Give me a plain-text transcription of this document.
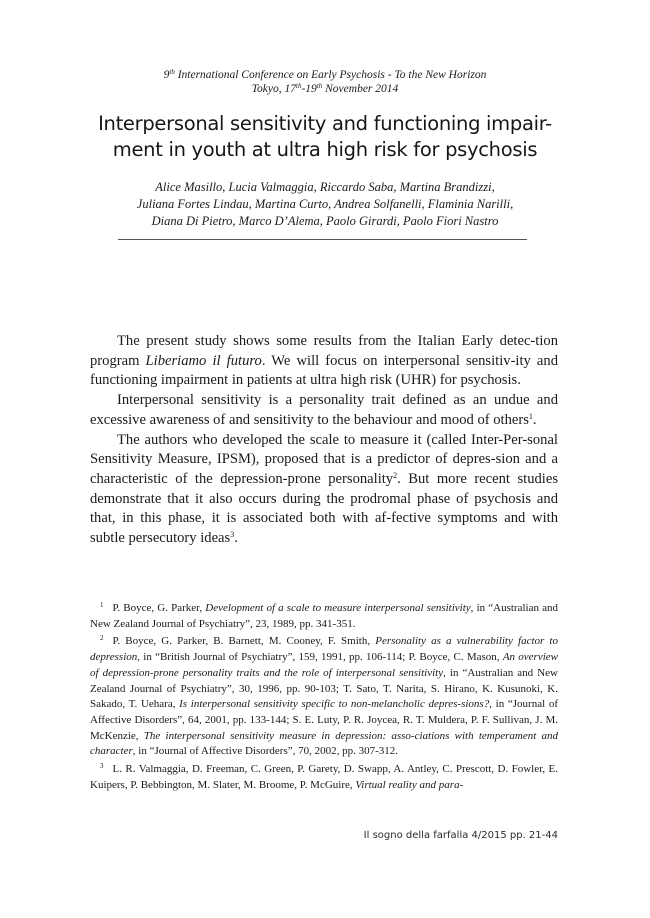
9th International Conference on Early Psychosis - To the New Horizon
Tokyo, 17th-19th November 2014
Interpersonal sensitivity and functioning impair-
ment in youth at ultra high risk for psychosis
Alice Masillo, Lucia Valmaggia, Riccardo Saba, Martina Brandizzi,
Juliana Fortes Lindau, Martina Curto, Andrea Solfanelli, Flaminia Narilli,
Diana Di Pietro, Marco D’Alema, Paolo Girardi, Paolo Fiori Nastro

The present study shows some results from the Italian Early detec-tion program Liberiamo il futuro. We will focus on interpersonal sensitiv-ity and functioning impairment in patients at ultra high risk (UHR) for psychosis.

Interpersonal sensitivity is a personality trait defined as an undue and excessive awareness of and sensitivity to the behaviour and mood of others$^1$.

The authors who developed the scale to measure it (called Inter-Per-sonal Sensitivity Measure, IPSM), proposed that is a predictor of depres-sion and a characteristic of the depression-prone personality$^2$. But more recent studies demonstrate that it also occurs during the prodromal phase of psychosis and that, in this phase, it is associated both with af-fective symptoms and with subtle persecutory ideas$^3$.

$^1$ P. Boyce, G. Parker, Development of a scale to measure interpersonal sensitivity, in “Australian and New Zealand Journal of Psychiatry”, 23, 1989, pp. 341-351.

$^2$ P. Boyce, G. Parker, B. Barnett, M. Cooney, F. Smith, Personality as a vulnerability factor to depression, in “British Journal of Psychiatry”, 159, 1991, pp. 106-114; P. Boyce, C. Mason, An overview of depression-prone personality traits and the role of interpersonal sensitivity, in “Australian and New Zealand Journal of Psychiatry”, 30, 1996, pp. 90-103; T. Sato, T. Narita, S. Hirano, K. Kusunoki, K. Sakado, T. Uehara, Is interpersonal sensitivity specific to non-melancholic depres-sions?, in “Journal of Affective Disorders”, 64, 2001, pp. 133-144; S. E. Luty, P. R. Joycea, R. T. Muldera, P. F. Sullivan, J. M. McKenzie, The interpersonal sensitivity measure in depression: asso-ciations with temperament and character, in “Journal of Affective Disorders”, 70, 2002, pp. 307-312.

$^3$ L. R. Valmaggia, D. Freeman, C. Green, P. Garety, D. Swapp, A. Antley, C. Prescott, D. Fowler, E. Kuipers, P. Bebbington, M. Slater, M. Broome, P. McGuire, Virtual reality and para-

Il sogno della farfalla 4/2015 pp. 21-44
